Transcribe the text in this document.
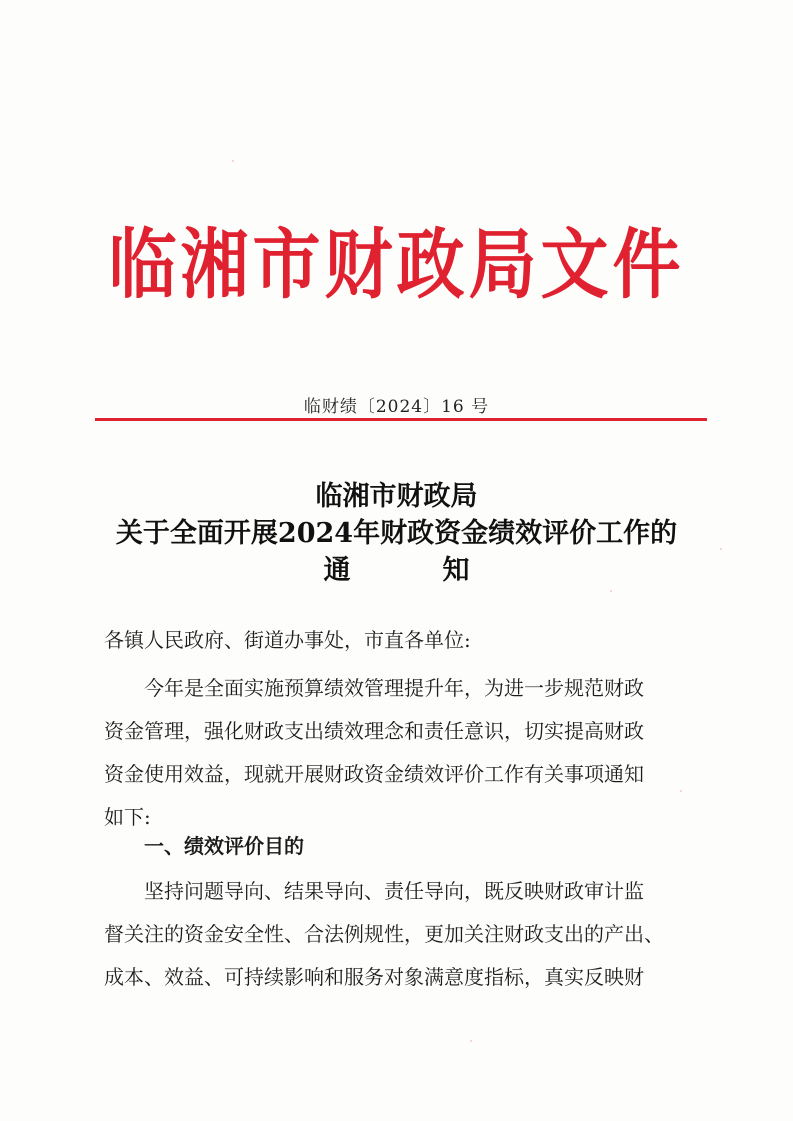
临湘市财政局文件
临财绩〔2024〕16 号
临湘市财政局
关于全面开展2024年财政资金绩效评价工作的
通	知
各镇人民政府、街道办事处，市直各单位:
今年是全面实施预算绩效管理提升年，为进一步规范财政
资金管理，强化财政支出绩效理念和责任意识，切实提高财政
资金使用效益，现就开展财政资金绩效评价工作有关事项通知
如下:
一、绩效评价目的
坚持问题导向、结果导向、责任导向，既反映财政审计监
督关注的资金安全性、合法例规性，更加关注财政支出的产出、
成本、效益、可持续影响和服务对象满意度指标，真实反映财
